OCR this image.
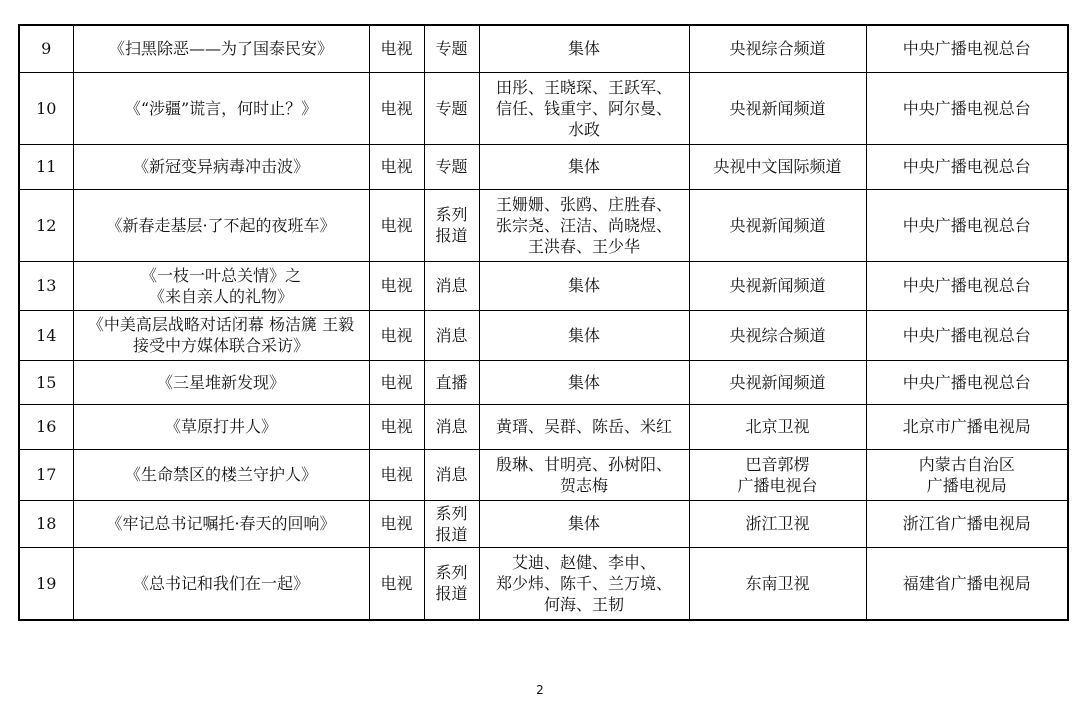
9	《扫黑除恶——为了国泰民安》	电视	专题	集体	央视综合频道	中央广播电视总台
10	《“涉疆”谎言，何时止？》	电视	专题	田彤、王晓琛、王跃军、
信任、钱重宇、阿尔曼、
水政	央视新闻频道	中央广播电视总台
11	《新冠变异病毒冲击波》	电视	专题	集体	央视中文国际频道	中央广播电视总台
12	《新春走基层·了不起的夜班车》	电视	系列
报道	王姗姗、张鸥、庄胜春、
张宗尧、汪洁、尚晓煜、
王洪春、王少华	央视新闻频道	中央广播电视总台
13	《一枝一叶总关情》之
《来自亲人的礼物》	电视	消息	集体	央视新闻频道	中央广播电视总台
14	《中美高层战略对话闭幕 杨洁篪 王毅
接受中方媒体联合采访》	电视	消息	集体	央视综合频道	中央广播电视总台
15	《三星堆新发现》	电视	直播	集体	央视新闻频道	中央广播电视总台
16	《草原打井人》	电视	消息	黄瑨、吴群、陈岳、米红	北京卫视	北京市广播电视局
17	《生命禁区的楼兰守护人》	电视	消息	殷琳、甘明亮、孙树阳、
贺志梅	巴音郭楞
广播电视台	内蒙古自治区
广播电视局
18	《牢记总书记嘱托·春天的回响》	电视	系列
报道	集体	浙江卫视	浙江省广播电视局
19	《总书记和我们在一起》	电视	系列
报道	艾迪、赵健、李申、
郑少炜、陈千、兰万境、
何海、王韧	东南卫视	福建省广播电视局
2
